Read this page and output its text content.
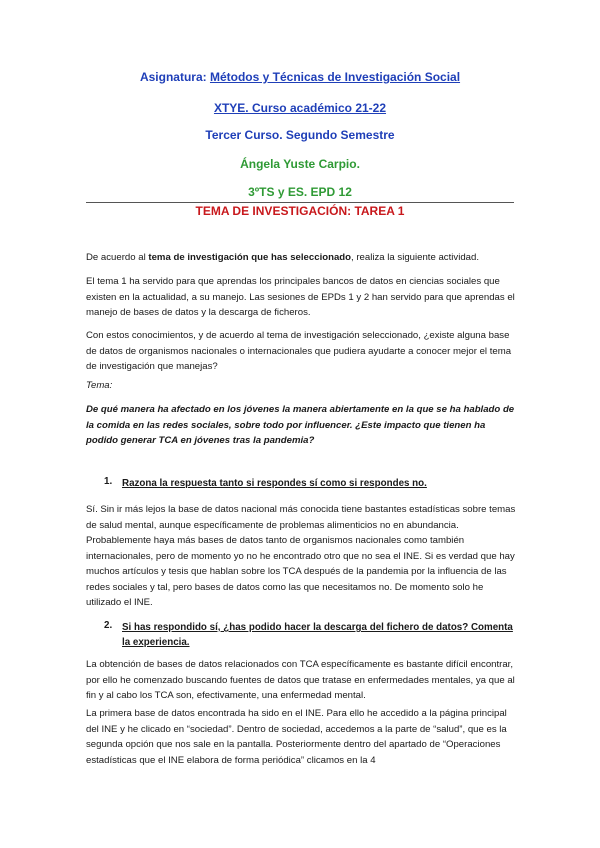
Asignatura: Métodos y Técnicas de Investigación Social
XTYE. Curso académico 21-22
Tercer Curso. Segundo Semestre
Ángela Yuste Carpio.
3ºTS y ES. EPD 12
TEMA DE INVESTIGACIÓN: TAREA 1
De acuerdo al tema de investigación que has seleccionado, realiza la siguiente actividad.
El tema 1 ha servido para que aprendas los principales bancos de datos en ciencias sociales que existen en la actualidad, a su manejo. Las sesiones de EPDs 1 y 2 han servido para que aprendas el manejo de bases de datos y la descarga de ficheros.
Con estos conocimientos, y de acuerdo al tema de investigación seleccionado, ¿existe alguna base de datos de organismos nacionales o internacionales que pudiera ayudarte a conocer mejor el tema de investigación que manejas?
Tema:
De qué manera ha afectado en los jóvenes la manera abiertamente en la que se ha hablado de la comida en las redes sociales, sobre todo por influencer. ¿Este impacto que tienen ha podido generar TCA en jóvenes tras la pandemia?
1. Razona la respuesta tanto si respondes sí como si respondes no.
Sí. Sin ir más lejos la base de datos nacional más conocida tiene bastantes estadísticas sobre temas de salud mental, aunque específicamente de problemas alimenticios no en abundancia. Probablemente haya más bases de datos tanto de organismos nacionales como también internacionales, pero de momento yo no he encontrado otro que no sea el INE. Si es verdad que hay muchos artículos y tesis que hablan sobre los TCA después de la pandemia por la influencia de las redes sociales y tal, pero bases de datos como las que necesitamos no. De momento solo he utilizado el INE.
2. Si has respondido sí, ¿has podido hacer la descarga del fichero de datos? Comenta la experiencia.
La obtención de bases de datos relacionados con TCA específicamente es bastante difícil encontrar, por ello he comenzado buscando fuentes de datos que tratase en enfermedades mentales, ya que al fin y al cabo los TCA son, efectivamente, una enfermedad mental.
La primera base de datos encontrada ha sido en el INE. Para ello he accedido a la página principal del INE y he clicado en “sociedad”. Dentro de sociedad, accedemos a la parte de “salud”, que es la segunda opción que nos sale en la pantalla. Posteriormente dentro del apartado de “Operaciones estadísticas que el INE elabora de forma periódica” clicamos en la 4
